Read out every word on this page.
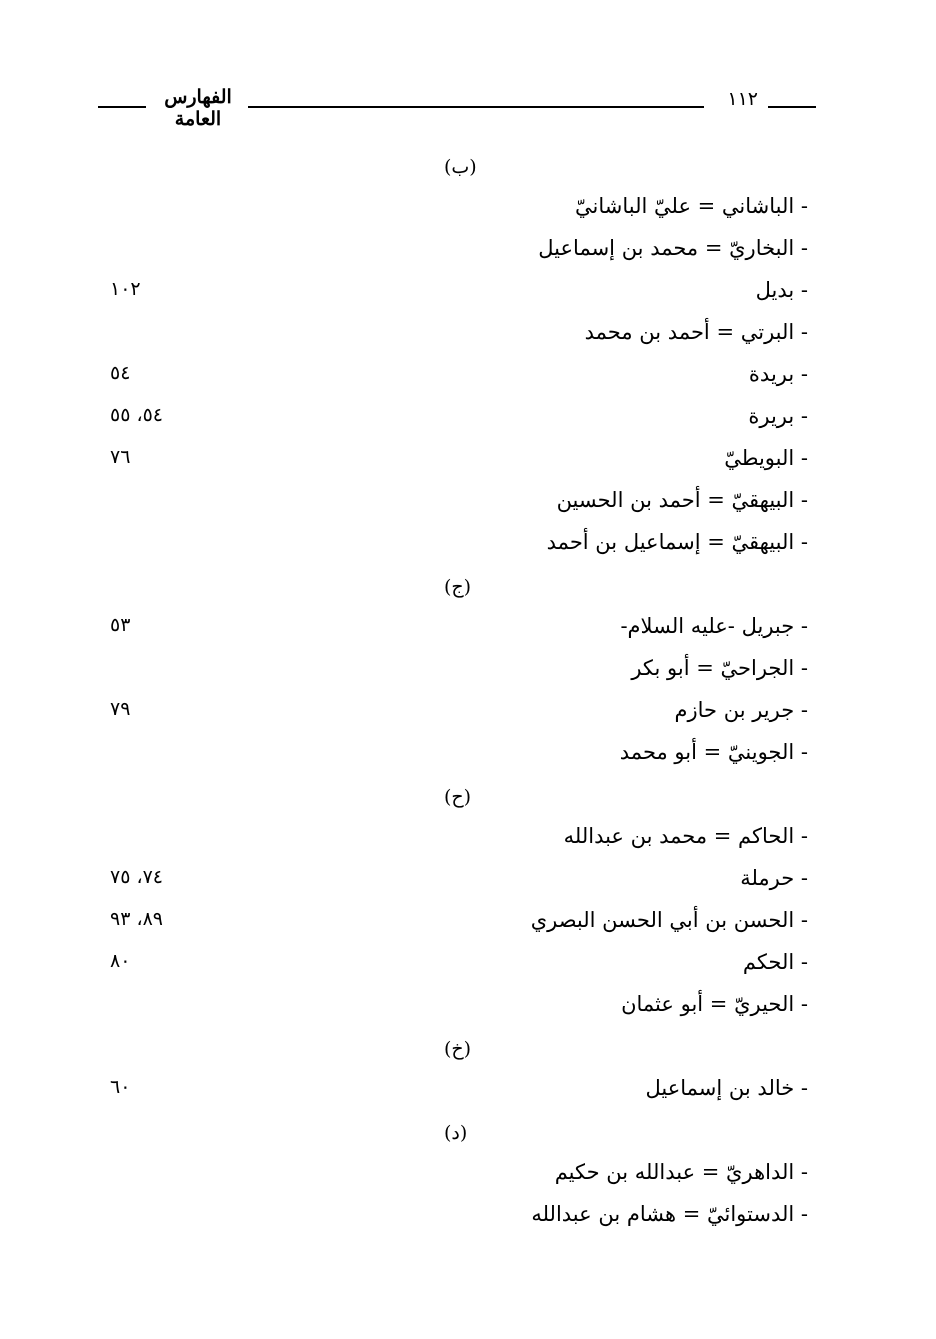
الفهارس العامة
١١٢
(ب)
- الباشاني = عليّ الباشانيّ
- البخاريّ = محمد بن إسماعيل
- بديل
١٠٢
- البرتي = أحمد بن محمد
- بريدة
٥٤
- بريرة
٥٤، ٥٥
- البويطيّ
٧٦
- البيهقيّ = أحمد بن الحسين
- البيهقيّ = إسماعيل بن أحمد
(ج)
- جبريل -عليه السلام-
٥٣
- الجراحيّ = أبو بكر
- جرير بن حازم
٧٩
- الجوينيّ = أبو محمد
(ح)
- الحاكم = محمد بن عبدالله
- حرملة
٧٤، ٧٥
- الحسن بن أبي الحسن البصري
٨٩، ٩٣
- الحكم
٨٠
- الحيريّ = أبو عثمان
(خ)
- خالد بن إسماعيل
٦٠
(د)
- الداهريّ = عبدالله بن حكيم
- الدستوائيّ = هشام بن عبدالله
